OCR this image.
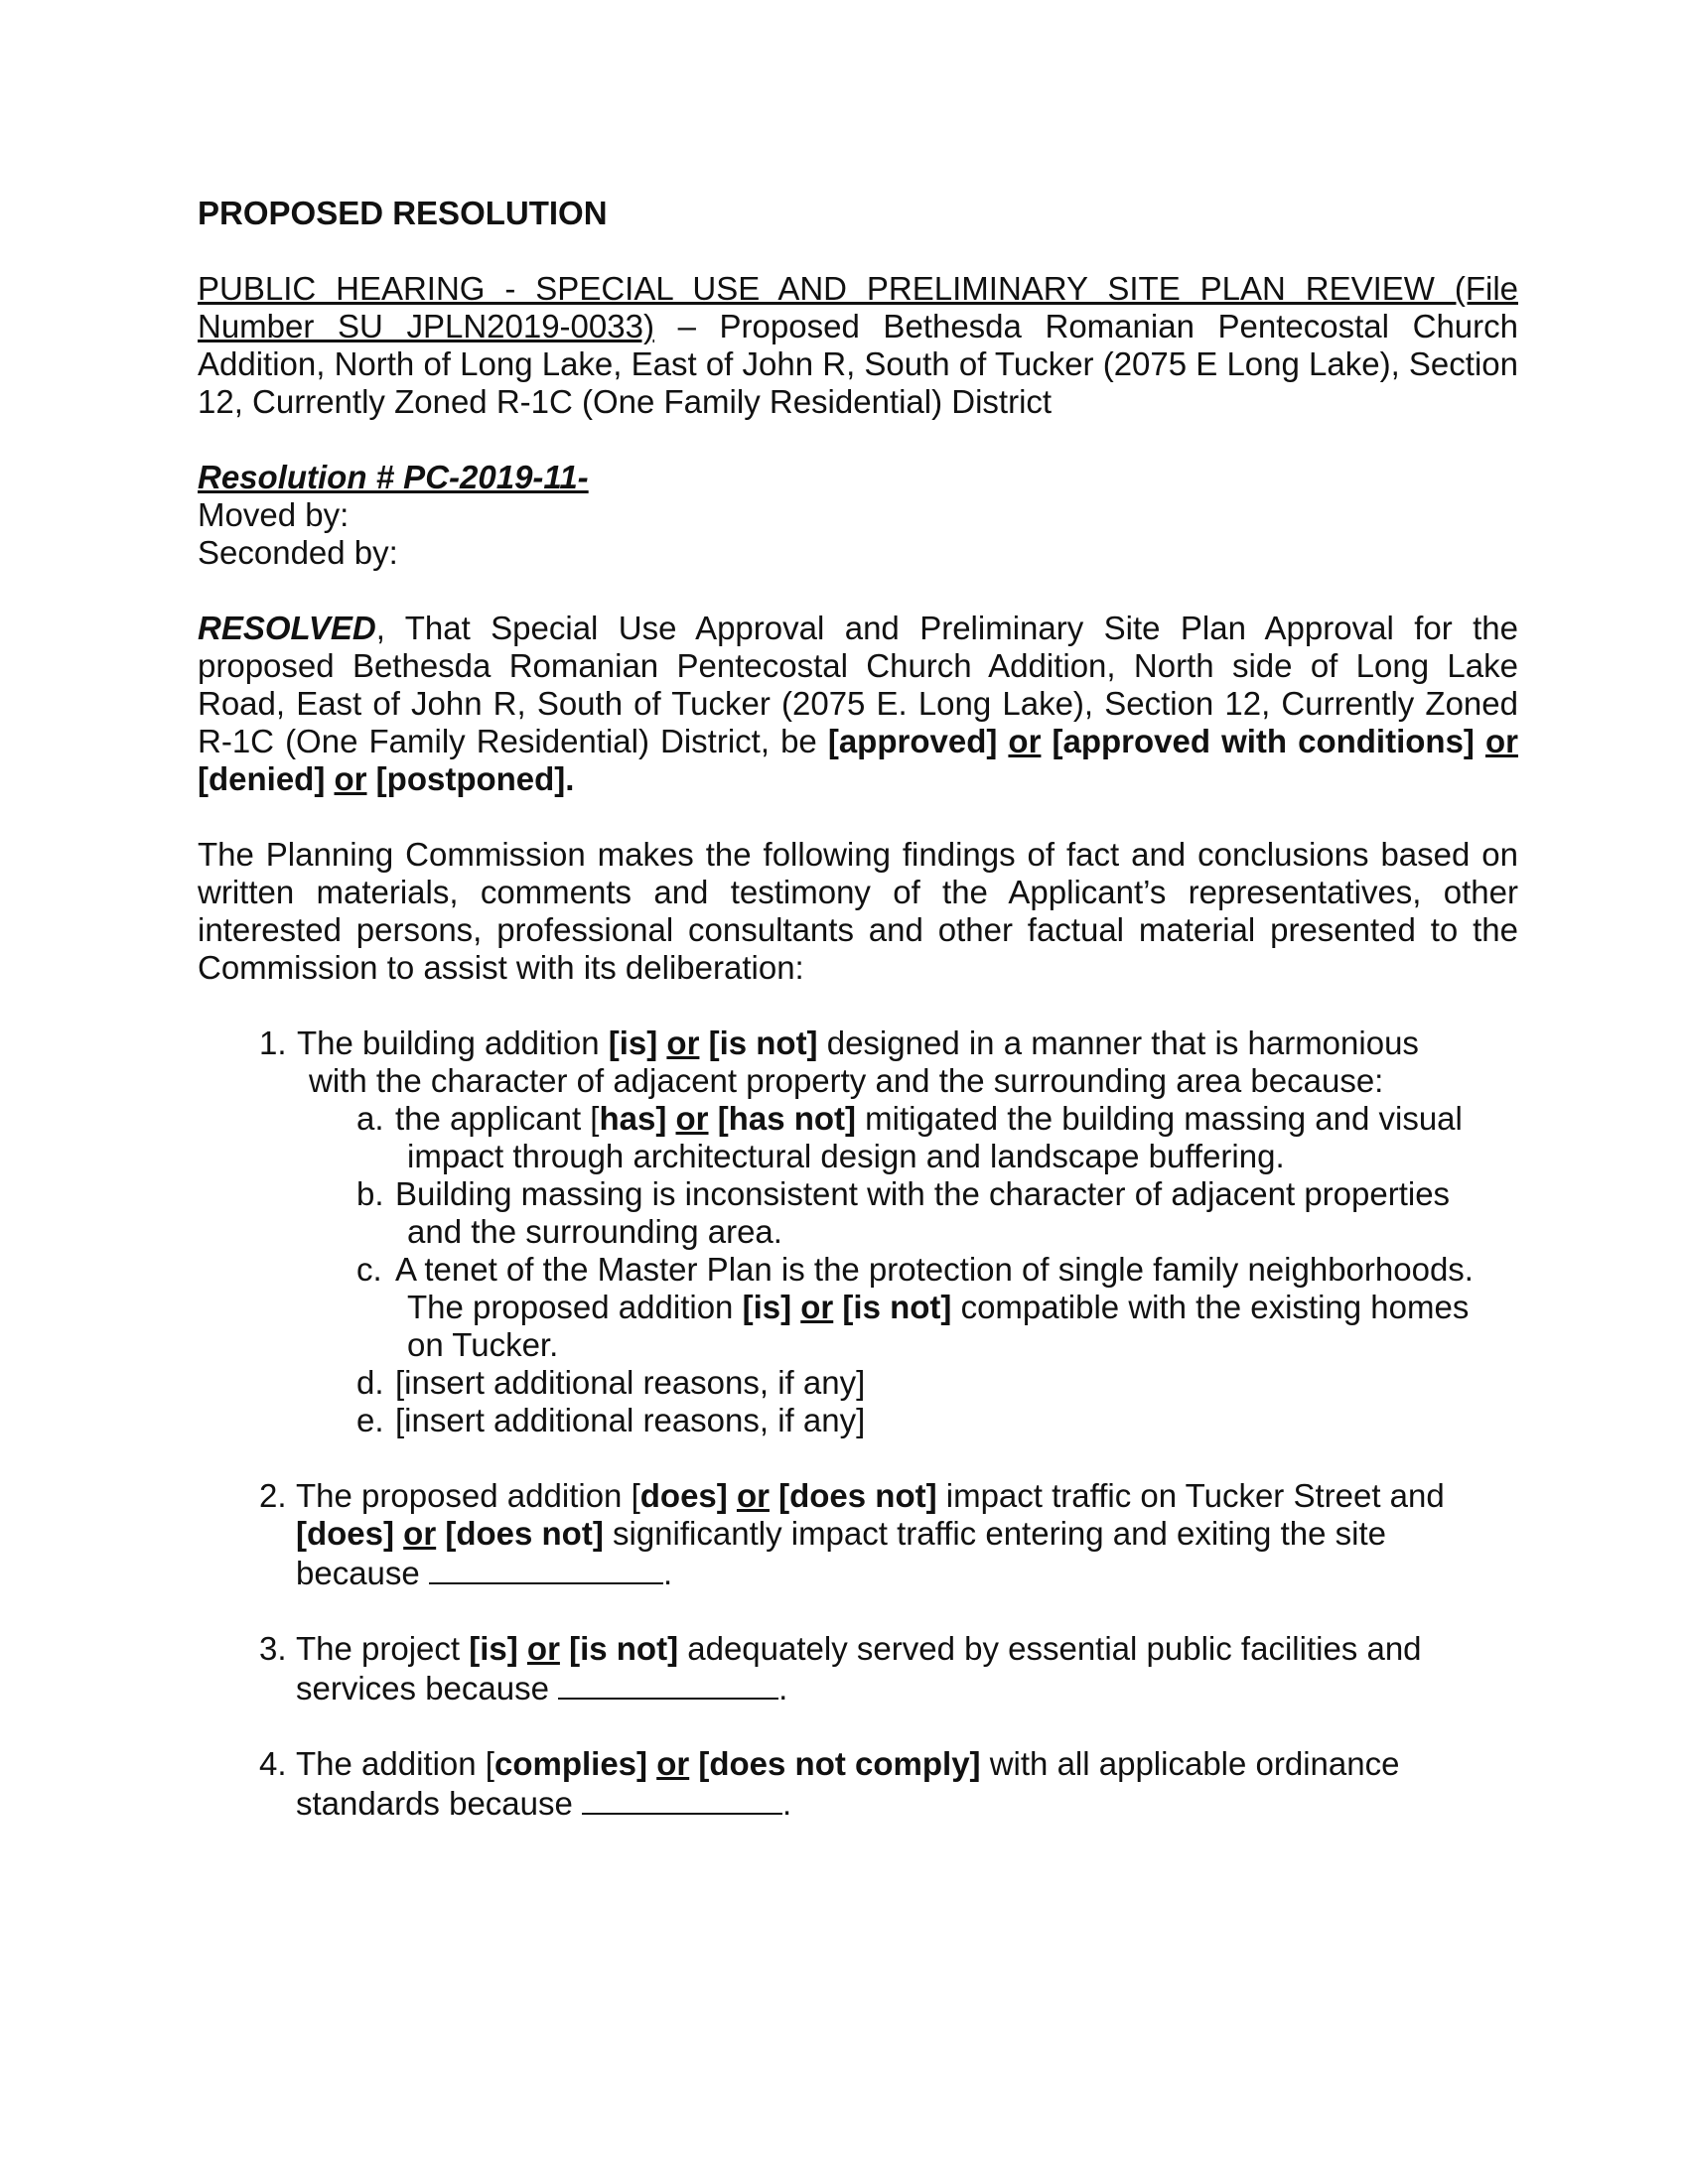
PROPOSED RESOLUTION

PUBLIC HEARING - SPECIAL USE AND PRELIMINARY SITE PLAN REVIEW (File Number SU JPLN2019-0033) – Proposed Bethesda Romanian Pentecostal Church Addition, North of Long Lake, East of John R, South of Tucker (2075 E Long Lake), Section 12, Currently Zoned R-1C (One Family Residential) District

Resolution # PC-2019-11-

Moved by:

Seconded by:

RESOLVED, That Special Use Approval and Preliminary Site Plan Approval for the proposed Bethesda Romanian Pentecostal Church Addition, North side of Long Lake Road, East of John R, South of Tucker (2075 E. Long Lake), Section 12, Currently Zoned R-1C (One Family Residential) District, be [approved] or [approved with conditions] or [denied] or [postponed].

The Planning Commission makes the following findings of fact and conclusions based on written materials, comments and testimony of the Applicant’s representatives, other interested persons, professional consultants and other factual material presented to the Commission to assist with its deliberation:

1. The building addition [is] or [is not] designed in a manner that is harmonious
with the character of adjacent property and the surrounding area because:
a. the applicant [has] or [has not] mitigated the building massing and visual
impact through architectural design and landscape buffering.
b. Building massing is inconsistent with the character of adjacent properties
and the surrounding area.
c. A tenet of the Master Plan is the protection of single family neighborhoods.
The proposed addition [is] or [is not] compatible with the existing homes
on Tucker.
d. [insert additional reasons, if any]
e. [insert additional reasons, if any]
2. The proposed addition [does] or [does not] impact traffic on Tucker Street and
[does] or [does not] significantly impact traffic entering and exiting the site
because	.
3. The project [is] or [is not] adequately served by essential public facilities and
services because	.
4. The addition [complies] or [does not comply] with all applicable ordinance
standards because	.
